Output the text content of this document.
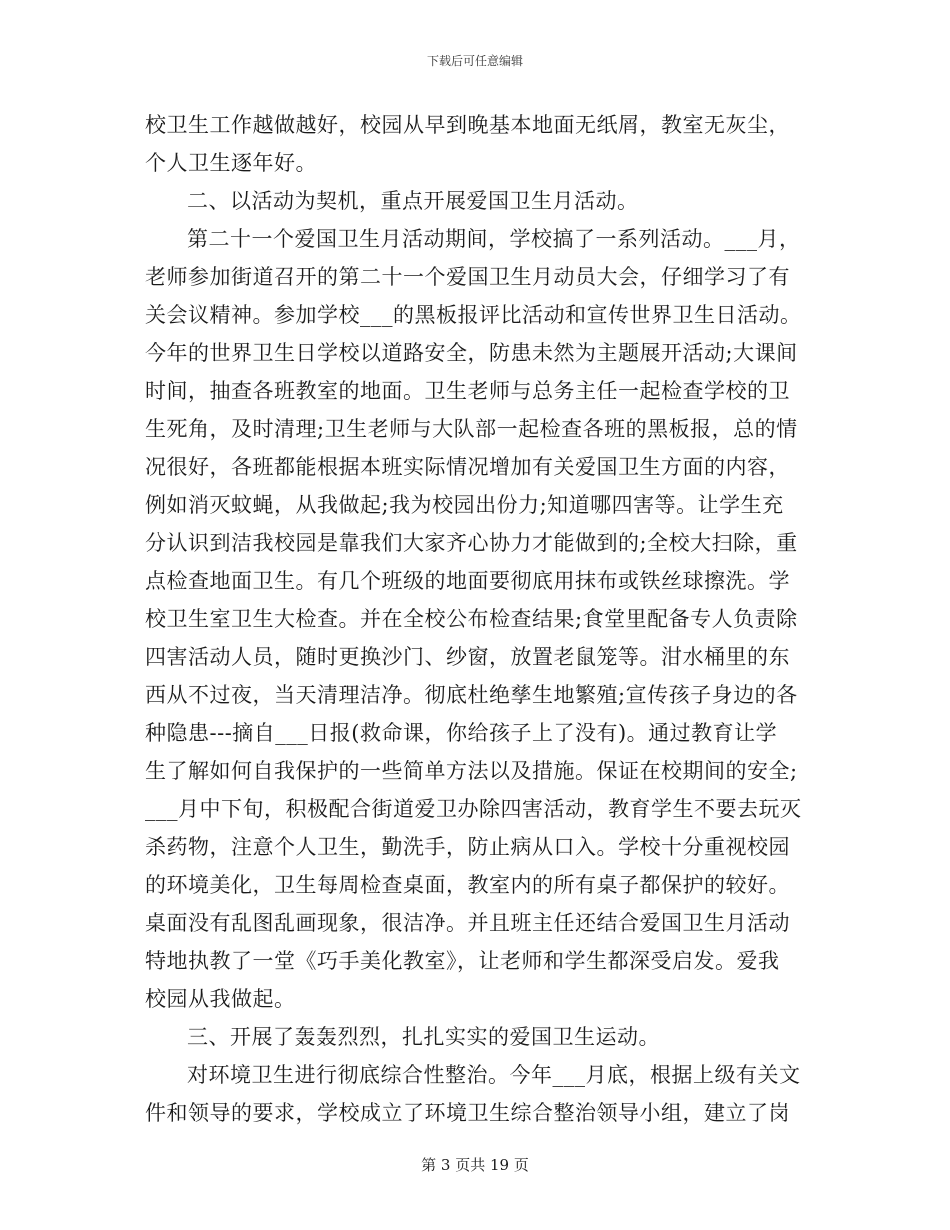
下载后可任意编辑
校卫生工作越做越好，校园从早到晚基本地面无纸屑，教室无灰尘，
个人卫生逐年好。
二、以活动为契机，重点开展爱国卫生月活动。
第二十一个爱国卫生月活动期间，学校搞了一系列活动。___月，
老师参加街道召开的第二十一个爱国卫生月动员大会，仔细学习了有
关会议精神。参加学校___的黑板报评比活动和宣传世界卫生日活动。
今年的世界卫生日学校以道路安全，防患未然为主题展开活动;大课间
时间，抽查各班教室的地面。卫生老师与总务主任一起检查学校的卫
生死角，及时清理;卫生老师与大队部一起检查各班的黑板报，总的情
况很好，各班都能根据本班实际情况增加有关爱国卫生方面的内容，
例如消灭蚊蝇，从我做起;我为校园出份力;知道哪四害等。让学生充
分认识到洁我校园是靠我们大家齐心协力才能做到的;全校大扫除，重
点检查地面卫生。有几个班级的地面要彻底用抹布或铁丝球擦洗。学
校卫生室卫生大检查。并在全校公布检查结果;食堂里配备专人负责除
四害活动人员，随时更换沙门、纱窗，放置老鼠笼等。泔水桶里的东
西从不过夜，当天清理洁净。彻底杜绝孳生地繁殖;宣传孩子身边的各
种隐患---摘自___日报(救命课，你给孩子上了没有)。通过教育让学
生了解如何自我保护的一些简单方法以及措施。保证在校期间的安全;
___月中下旬，积极配合街道爱卫办除四害活动，教育学生不要去玩灭
杀药物，注意个人卫生，勤洗手，防止病从口入。学校十分重视校园
的环境美化，卫生每周检查桌面，教室内的所有桌子都保护的较好。
桌面没有乱图乱画现象，很洁净。并且班主任还结合爱国卫生月活动
特地执教了一堂《巧手美化教室》，让老师和学生都深受启发。爱我
校园从我做起。
三、开展了轰轰烈烈，扎扎实实的爱国卫生运动。
对环境卫生进行彻底综合性整治。今年___月底，根据上级有关文
件和领导的要求，学校成立了环境卫生综合整治领导小组，建立了岗
第 3 页共 19 页
